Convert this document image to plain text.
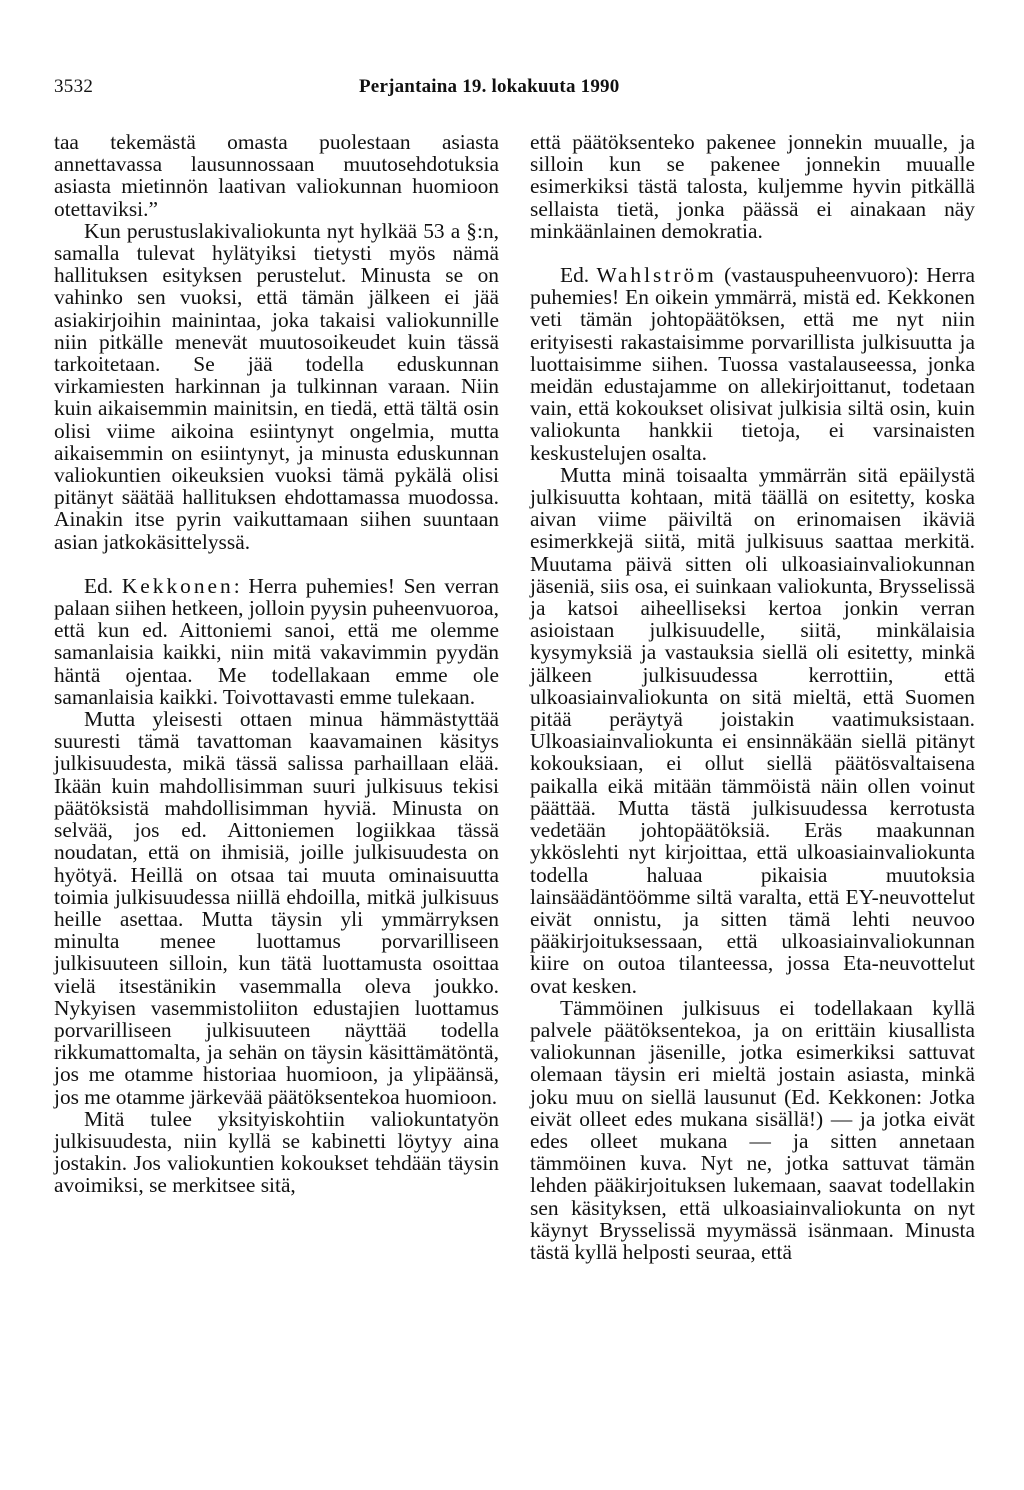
3532	Perjantaina 19. lokakuuta 1990

taa tekemästä omasta puolestaan asiasta annettavassa lausunnossaan muutosehdotuksia asiasta mietinnön laativan valiokunnan huomioon otettaviksi.”

Kun perustuslakivaliokunta nyt hylkää 53 a §:n, samalla tulevat hylätyiksi tietysti myös nämä hallituksen esityksen perustelut. Minusta se on vahinko sen vuoksi, että tämän jälkeen ei jää asiakirjoihin mainintaa, joka takaisi valiokunnille niin pitkälle menevät muutosoikeudet kuin tässä tarkoitetaan. Se jää todella eduskunnan virkamiesten harkinnan ja tulkinnan varaan. Niin kuin aikaisemmin mainitsin, en tiedä, että tältä osin olisi viime aikoina esiintynyt ongelmia, mutta aikaisemmin on esiintynyt, ja minusta eduskunnan valiokuntien oikeuksien vuoksi tämä pykälä olisi pitänyt säätää hallituksen ehdottamassa muodossa. Ainakin itse pyrin vaikuttamaan siihen suuntaan asian jatkokäsittelyssä.

Ed. Kekkonen: Herra puhemies! Sen verran palaan siihen hetkeen, jolloin pyysin puheenvuoroa, että kun ed. Aittoniemi sanoi, että me olemme samanlaisia kaikki, niin mitä vakavimmin pyydän häntä ojentaa. Me todellakaan emme ole samanlaisia kaikki. Toivottavasti emme tulekaan.

Mutta yleisesti ottaen minua hämmästyttää suuresti tämä tavattoman kaavamainen käsitys julkisuudesta, mikä tässä salissa parhaillaan elää. Ikään kuin mahdollisimman suuri julkisuus tekisi päätöksistä mahdollisimman hyviä. Minusta on selvää, jos ed. Aittoniemen logiikkaa tässä noudatan, että on ihmisiä, joille julkisuudesta on hyötyä. Heillä on otsaa tai muuta ominaisuutta toimia julkisuudessa niillä ehdoilla, mitkä julkisuus heille asettaa. Mutta täysin yli ymmärryksen minulta menee luottamus porvarilliseen julkisuuteen silloin, kun tätä luottamusta osoittaa vielä itsestänikin vasemmalla oleva joukko. Nykyisen vasemmistoliiton edustajien luottamus porvarilliseen julkisuuteen näyttää todella rikkumattomalta, ja sehän on täysin käsittämätöntä, jos me otamme historiaa huomioon, ja ylipäänsä, jos me otamme järkevää päätöksentekoa huomioon.

Mitä tulee yksityiskohtiin valiokuntatyön julkisuudesta, niin kyllä se kabinetti löytyy aina jostakin. Jos valiokuntien kokoukset tehdään täysin avoimiksi, se merkitsee sitä,

että päätöksenteko pakenee jonnekin muualle, ja silloin kun se pakenee jonnekin muualle esimerkiksi tästä talosta, kuljemme hyvin pitkällä sellaista tietä, jonka päässä ei ainakaan näy minkäänlainen demokratia.

Ed. Wahlström (vastauspuheenvuoro): Herra puhemies! En oikein ymmärrä, mistä ed. Kekkonen veti tämän johtopäätöksen, että me nyt niin erityisesti rakastaisimme porvarillista julkisuutta ja luottaisimme siihen. Tuossa vastalauseessa, jonka meidän edustajamme on allekirjoittanut, todetaan vain, että kokoukset olisivat julkisia siltä osin, kuin valiokunta hankkii tietoja, ei varsinaisten keskustelujen osalta.

Mutta minä toisaalta ymmärrän sitä epäilystä julkisuutta kohtaan, mitä täällä on esitetty, koska aivan viime päiviltä on erinomaisen ikäviä esimerkkejä siitä, mitä julkisuus saattaa merkitä. Muutama päivä sitten oli ulkoasiainvaliokunnan jäseniä, siis osa, ei suinkaan valiokunta, Brysselissä ja katsoi aiheelliseksi kertoa jonkin verran asioistaan julkisuudelle, siitä, minkälaisia kysymyksiä ja vastauksia siellä oli esitetty, minkä jälkeen julkisuudessa kerrottiin, että ulkoasiainvaliokunta on sitä mieltä, että Suomen pitää peräytyä joistakin vaatimuksistaan. Ulkoasiainvaliokunta ei ensinnäkään siellä pitänyt kokouksiaan, ei ollut siellä päätösvaltaisena paikalla eikä mitään tämmöistä näin ollen voinut päättää. Mutta tästä julkisuudessa kerrotusta vedetään johtopäätöksiä. Eräs maakunnan ykköslehti nyt kirjoittaa, että ulkoasiainvaliokunta todella haluaa pikaisia muutoksia lainsäädäntöömme siltä varalta, että EY-neuvottelut eivät onnistu, ja sitten tämä lehti neuvoo pääkirjoituksessaan, että ulkoasiainvaliokunnan kiire on outoa tilanteessa, jossa Eta-neuvottelut ovat kesken.

Tämmöinen julkisuus ei todellakaan kyllä palvele päätöksentekoa, ja on erittäin kiusallista valiokunnan jäsenille, jotka esimerkiksi sattuvat olemaan täysin eri mieltä jostain asiasta, minkä joku muu on siellä lausunut (Ed. Kekkonen: Jotka eivät olleet edes mukana sisällä!) — ja jotka eivät edes olleet mukana — ja sitten annetaan tämmöinen kuva. Nyt ne, jotka sattuvat tämän lehden pääkirjoituksen lukemaan, saavat todellakin sen käsityksen, että ulkoasiainvaliokunta on nyt käynyt Brysselissä myymässä isänmaan. Minusta tästä kyllä helposti seuraa, että
